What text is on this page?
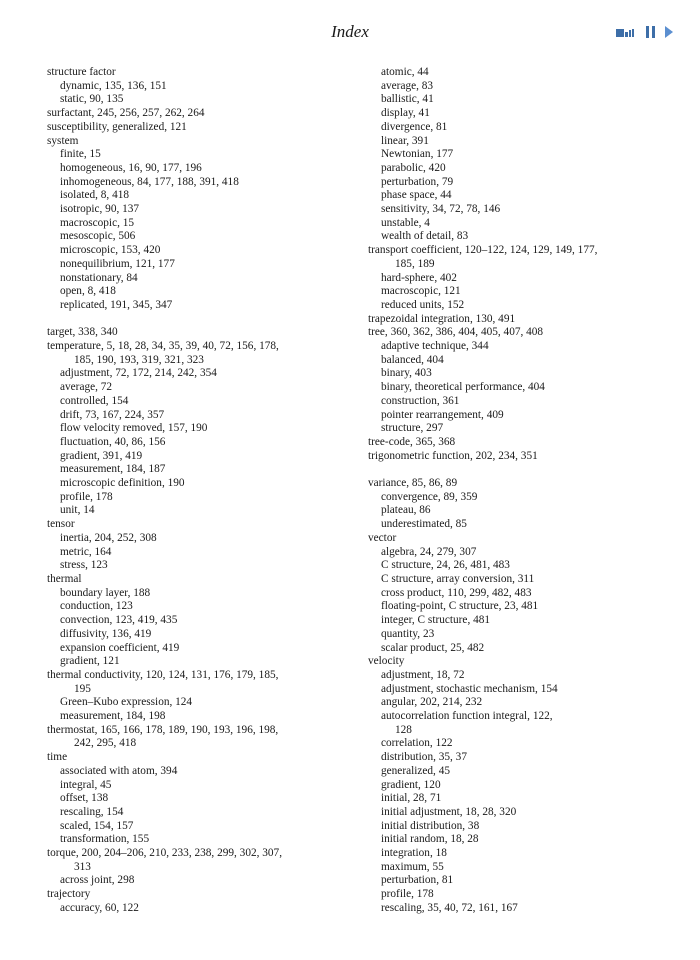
Index
structure factor
dynamic, 135, 136, 151
static, 90, 135
surfactant, 245, 256, 257, 262, 264
susceptibility, generalized, 121
system
finite, 15
homogeneous, 16, 90, 177, 196
inhomogeneous, 84, 177, 188, 391, 418
isolated, 8, 418
isotropic, 90, 137
macroscopic, 15
mesoscopic, 506
microscopic, 153, 420
nonequilibrium, 121, 177
nonstationary, 84
open, 8, 418
replicated, 191, 345, 347
target, 338, 340
temperature, 5, 18, 28, 34, 35, 39, 40, 72, 156, 178,
185, 190, 193, 319, 321, 323
adjustment, 72, 172, 214, 242, 354
average, 72
controlled, 154
drift, 73, 167, 224, 357
flow velocity removed, 157, 190
fluctuation, 40, 86, 156
gradient, 391, 419
measurement, 184, 187
microscopic definition, 190
profile, 178
unit, 14
tensor
inertia, 204, 252, 308
metric, 164
stress, 123
thermal
boundary layer, 188
conduction, 123
convection, 123, 419, 435
diffusivity, 136, 419
expansion coefficient, 419
gradient, 121
thermal conductivity, 120, 124, 131, 176, 179, 185,
195
Green–Kubo expression, 124
measurement, 184, 198
thermostat, 165, 166, 178, 189, 190, 193, 196, 198,
242, 295, 418
time
associated with atom, 394
integral, 45
offset, 138
rescaling, 154
scaled, 154, 157
transformation, 155
torque, 200, 204–206, 210, 233, 238, 299, 302, 307,
313
across joint, 298
trajectory
accuracy, 60, 122
atomic, 44
average, 83
ballistic, 41
display, 41
divergence, 81
linear, 391
Newtonian, 177
parabolic, 420
perturbation, 79
phase space, 44
sensitivity, 34, 72, 78, 146
unstable, 4
wealth of detail, 83
transport coefficient, 120–122, 124, 129, 149, 177,
185, 189
hard-sphere, 402
macroscopic, 121
reduced units, 152
trapezoidal integration, 130, 491
tree, 360, 362, 386, 404, 405, 407, 408
adaptive technique, 344
balanced, 404
binary, 403
binary, theoretical performance, 404
construction, 361
pointer rearrangement, 409
structure, 297
tree-code, 365, 368
trigonometric function, 202, 234, 351
variance, 85, 86, 89
convergence, 89, 359
plateau, 86
underestimated, 85
vector
algebra, 24, 279, 307
C structure, 24, 26, 481, 483
C structure, array conversion, 311
cross product, 110, 299, 482, 483
floating-point, C structure, 23, 481
integer, C structure, 481
quantity, 23
scalar product, 25, 482
velocity
adjustment, 18, 72
adjustment, stochastic mechanism, 154
angular, 202, 214, 232
autocorrelation function integral, 122,
128
correlation, 122
distribution, 35, 37
generalized, 45
gradient, 120
initial, 28, 71
initial adjustment, 18, 28, 320
initial distribution, 38
initial random, 18, 28
integration, 18
maximum, 55
perturbation, 81
profile, 178
rescaling, 35, 40, 72, 161, 167
